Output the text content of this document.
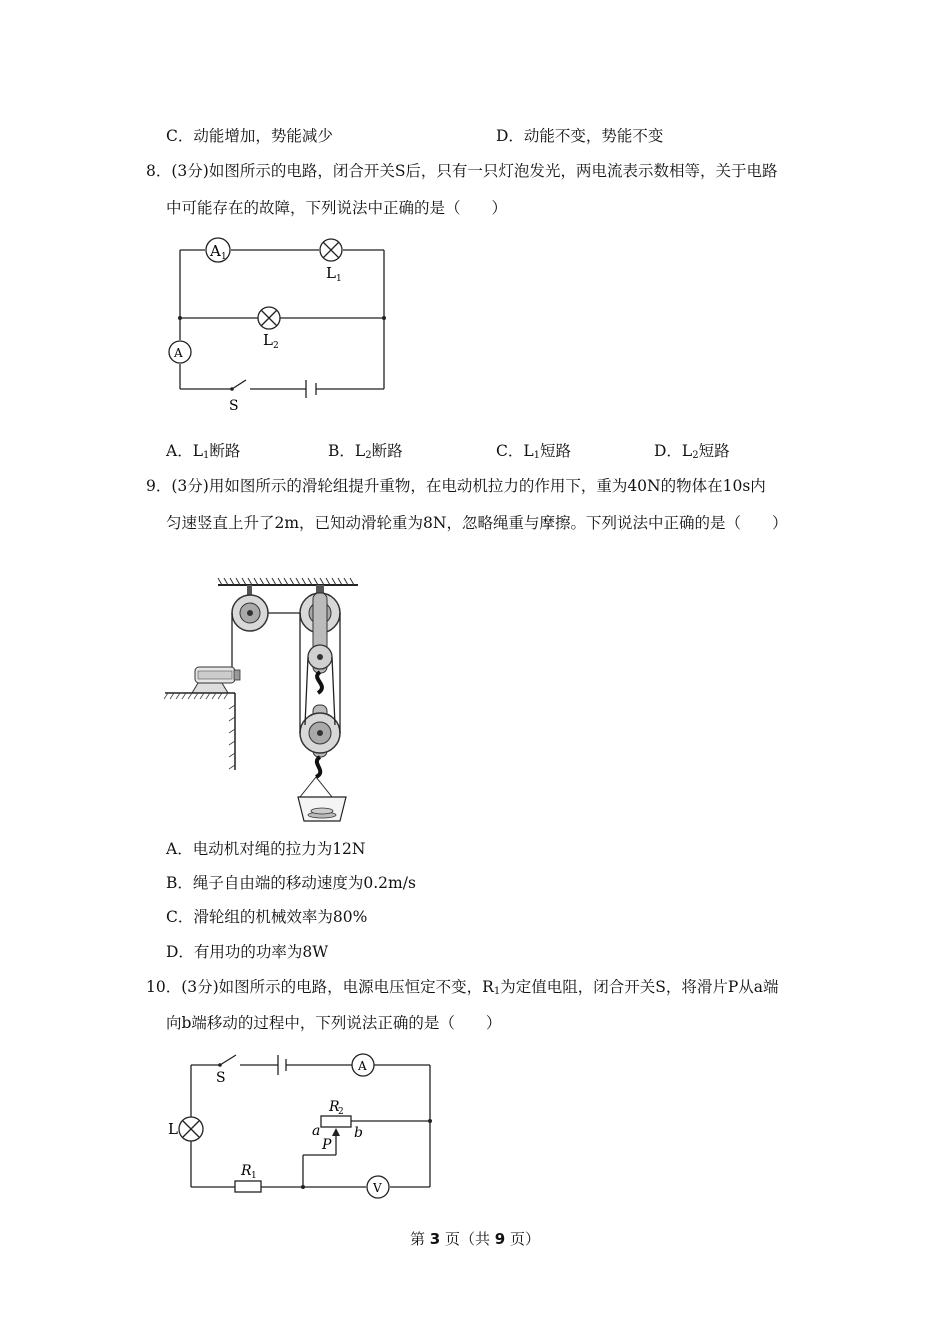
C．动能增加，势能减少	D．动能不变，势能不变
8．(3分)如图所示的电路，闭合开关S后，只有一只灯泡发光，两电流表示数相等，关于电路
中可能存在的故障，下列说法中正确的是（　　）
A 1
A
L 1
L 2
S
A．$L_1$断路	B．$L_2$断路	C．$L_1$短路	D．$L_2$短路
9．(3分)用如图所示的滑轮组提升重物，在电动机拉力的作用下，重为40N的物体在10s内
匀速竖直上升了2m，已知动滑轮重为8N，忽略绳重与摩擦。下列说法中正确的是（　　）
A．电动机对绳的拉力为12N
B．绳子自由端的移动速度为0.2m/s
C．滑轮组的机械效率为80%
D．有用功的功率为8W
10．(3分)如图所示的电路，电源电压恒定不变，$R_1$为定值电阻，闭合开关S，将滑片P从a端
向b端移动的过程中，下列说法正确的是（　　）
S
A
R
2
a b
P
L
R 1
V
第 3 页（共 9 页）
